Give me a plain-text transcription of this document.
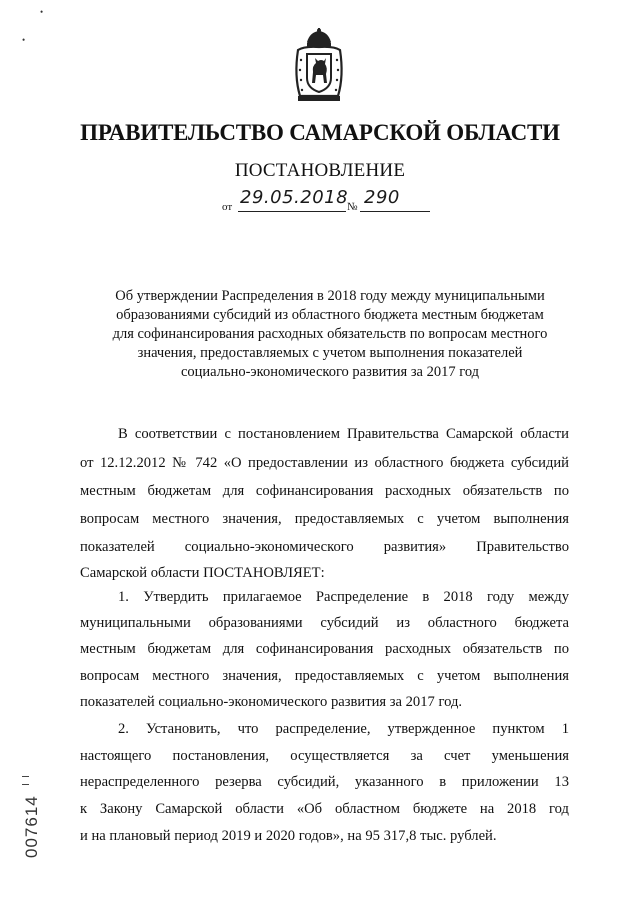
•
•
ПРАВИТЕЛЬСТВО САМАРСКОЙ ОБЛАСТИ
ПОСТАНОВЛЕНИЕ
от 29.05.2018
№ 290
Об утверждении Распределения в 2018 году между муниципальными
образованиями субсидий из областного бюджета местным бюджетам
для софинансирования расходных обязательств по вопросам местного
значения, предоставляемых с учетом выполнения показателей
социально-экономического развития за 2017 год
В соответствии с постановлением Правительства Самарской области
от 12.12.2012 № 742 «О предоставлении из областного бюджета субсидий
местным бюджетам для софинансирования расходных обязательств по
вопросам местного значения, предоставляемых с учетом выполнения
показателей социально-экономического развития» Правительство
Самарской области ПОСТАНОВЛЯЕТ:
1. Утвердить прилагаемое Распределение в 2018 году между
муниципальными образованиями субсидий из областного бюджета
местным бюджетам для софинансирования расходных обязательств по
вопросам местного значения, предоставляемых с учетом выполнения
показателей социально-экономического развития за 2017 год.
2. Установить, что распределение, утвержденное пунктом 1
настоящего постановления, осуществляется за счет уменьшения
нераспределенного резерва субсидий, указанного в приложении 13
к Закону Самарской области «Об областном бюджете на 2018 год
и на плановый период 2019 и 2020 годов», на 95 317,8 тыс. рублей.
007614
